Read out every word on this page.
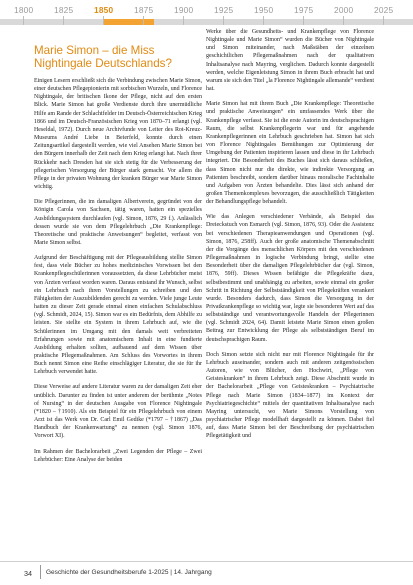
1800 1825 1850 1875 1900 1925 1950 1975 2000 2025
Marie Simon – die Miss Nightingale Deutschlands?

Einigen Lesern erschließt sich die Verbindung zwischen Marie Simon, einer deutschen Pflegepionierin mit sorbischen Wurzeln, und Florence Nightingale, der britischen Ikone der Pflege, nicht auf den ersten Blick. Marie Simon hat große Verdienste durch ihre unermüdliche Hilfe am Rande der Schlachtfelder im Deutsch-Österreichischen Krieg 1866 und im Deutsch-Französischen Krieg von 1870–71 erlangt (vgl. Heseldal, 1972). Durch neue Archivfunde von Leiter des Rot-Kreuz-Museums André Liebe in Beierfeld, konnte durch einen Zeitungsartikel dargestellt werden, wie viel Ansehen Marie Simon bei den Bürgern innerhalb der Zeit nach dem Krieg erlangt hat. Nach ihrer Rückkehr nach Dresden hat sie sich stetig für die Verbesserung der pflegerischen Versorgung der Bürger stark gemacht. Vor allem die Pflege in der privaten Wohnung der kranken Bürger war Marie Simon wichtig.

Die Pflegerinnen, die im damaligen Albertverein, gegründet von der Königin Carola von Sachsen, tätig waren, hatten ein spezielles Ausbildungssystem durchlaufen (vgl. Simon, 1876, 29 f.). Anlässlich dessen wurde sie von dem Pflegelehrbuch „Die Krankenpflege: Theoretische und praktische Anweisungen“ begleitet, verfasst von Marie Simon selbst.

Aufgrund der Beschäftigung mit der Pflegeausbildung stellte Simon fest, dass viele Bücher zu hohes medizinisches Vorwissen bei den Krankenpflegeschülerinnen voraussetzten, da diese Lehrbücher meist von Ärzten verfasst worden waren. Daraus entstand ihr Wunsch, selbst ein Lehrbuch nach ihren Vorstellungen zu schreiben und den Fähigkeiten der Auszubildenden gerecht zu werden. Viele junge Leute hatten zu dieser Zeit gerade einmal einen einfachen Schulabschluss (vgl. Schmidt, 2024, 15). Simon war es ein Bedürfnis, dem Abhilfe zu leisten. Sie stellte ein System in ihrem Lehrbuch auf, wie die Schülerinnen im Umgang mit den damals weit verbreiteten Erfahrungen sowie mit anatomischem Inhalt in eine fundierte Ausbildung erhalten sollten, aufbauend auf dem Wissen über praktische Pflegemaßnahmen. Am Schluss des Vorwortes in ihrem Buch nennt Simon eine Reihe einschlägiger Literatur, die sie für ihr Lehrbuch verwendet hatte.

Diese Verweise auf andere Literatur waren zu der damaligen Zeit eher unüblich. Darunter zu finden ist unter anderem der berühmte „Notes of Nursing“ in der deutschen Ausgabe von Florence Nightingale (*1820 – †1910). Als ein Beispiel für ein Pflegelehrbuch von einem Arzt ist das Werk von Dr. Carl Emil Gedike (*1797 – †1867) „Das Handbuch der Krankenwartung“ zu nennen (vgl. Simon 1876, Vorwort XI).

Im Rahmen der Bachelorarbeit „Zwei Legenden der Pflege – Zwei Lehrbücher: Eine Analyse der beiden

Werke über die Gesundheits- und Krankenpflege von Florence Nightingale und Marie Simon“ wurden die Bücher von Nightingale und Simon miteinander, nach Maßstäben der einzelnen geschichtlichen Pflegemaßnahmen nach der qualitativen Inhaltsanalyse nach Mayring, verglichen. Dadurch konnte dargestellt werden, welche Eigenleistung Simon in ihrem Buch erbracht hat und warum sie sich den Titel „la Florence Nightingale allemande“ verdient hat.

Marie Simon hat mit ihrem Buch „Die Krankenpflege: Theoretische und praktische Anweisungen“ ein umfassendes Werk über die Krankenpflege verfasst. Sie ist die erste Autorin im deutschsprachigen Raum, die selbst Krankenpflegerin war und für angehende Krankenpflegerinnen ein Lehrbuch geschrieben hat. Simon hat sich von Florence Nightingales Bemühungen zur Optimierung der Umgebung der Patienten inspirieren lassen und diese in ihr Lehrbuch integriert. Die Besonderheit des Buches lässt sich daraus schließen, dass Simon nicht nur die direkte, wie indirekte Versorgung an Patienten beschreibt, sondern darüber hinaus moralische Fachinhalte und Aufgaben von Ärzten behandelte. Dies lässt sich anhand der großen Themenkomplexes bevorzugen, die ausschließlich Tätigkeiten der Behandlungspflege behandelt.

Wie das Anlegen verschiedener Verbände, als Beispiel das Dreieckstuch von Esmarch (vgl. Simon, 1876, 93). Oder die Assistenz bei verschiedenen Therapieanwendungen und Operationen (vgl. Simon, 1876, 258ff). Auch der große anatomische Themenabschnitt der die Vorgänge des menschlichen Körpers mit den verschiedenen Pflegemaßnahmen in logische Verbindung bringt, stellte eine Besonderheit über die damaligen Pflegelehrbücher dar (vgl. Simon, 1876, 59ff). Dieses Wissen befähigte die Pflegekräfte dazu, selbstbestimmt und unabhängig zu arbeiten, sowie einmal ein großer Schritt in Richtung der Selbstständigkeit von Pflegekräften verankert wurde. Besonders dadurch, dass Simon die Versorgung in der Privatkrankenpflege so wichtig war, legte sie besonderen Wert auf das selbstständige und verantwortungsvolle Handeln der Pflegerinnen (vgl. Schmidt 2024, 64). Damit leistete Marie Simon einen großen Beitrag zur Entwicklung der Pflege als selbstständigen Beruf im deutschsprachigen Raum.

Doch Simon setzte sich nicht nur mit Florence Nightingale für ihr Lehrbuch auseinander, sondern auch mit anderen zeitgenössischen Autoren, wie von Blücher, den Hochwirt, „Pflege von Geisteskranken“ in ihrem Lehrbuch zeigt. Diese Abschnitt wurde in der Bachelorarbeit „Pflege von Geisteskranken – Psychiatrische Pflege nach Marie Simon (1834–1877) im Kontext der Psychiatriegeschichte“ mittels der quantitativen Inhaltsanalyse nach Mayring untersucht, wo Marie Simons Vorstellung von psychiatrischer Pflege modellhaft dargestellt zu können. Dabei fiel auf, dass Marie Simon bei der Beschreibung der psychiatrischen Pflegetätigkeit und

34 Geschichte der Gesundheitsberufe 1-2025 | 14. Jahrgang
